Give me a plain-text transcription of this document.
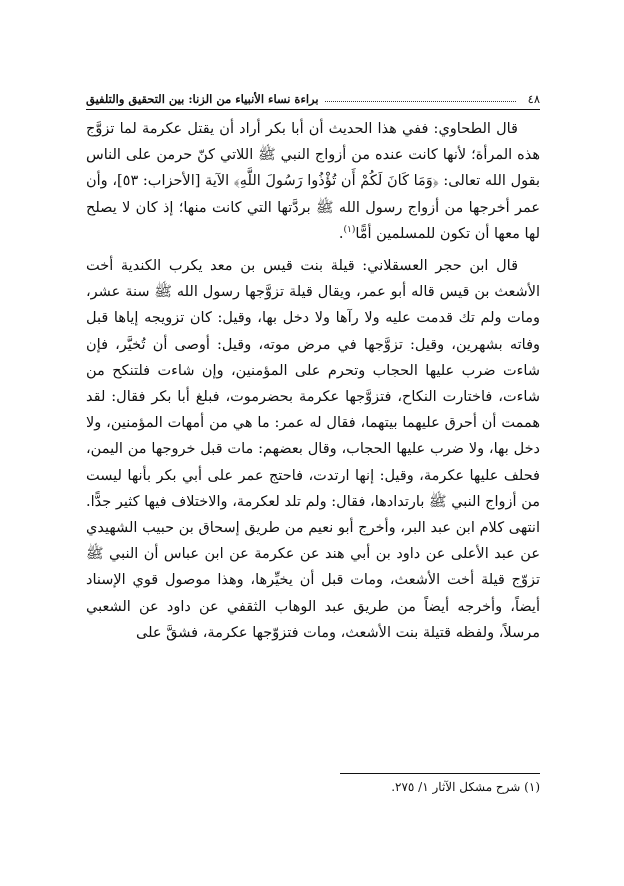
٤٨
براءة نساء الأنبياء من الزنا: بين التحقيق والتلفيق

قال الطحاوي: ففي هذا الحديث أن أبا بكر أراد أن يقتل عكرمة لما تزوَّج هذه المرأة؛ لأنها كانت عنده من أزواج النبي ﷺ اللاتي كنّ حرمن على الناس بقول الله تعالى: ﴿وَمَا كَانَ لَكُمْ أَن تُؤْذُوا رَسُولَ اللَّهِ﴾ الآية [الأحزاب: ٥٣]، وأن عمر أخرجها من أزواج رسول الله ﷺ بردَّتها التي كانت منها؛ إذ كان لا يصلح لها معها أن تكون للمسلمين أمًّا$^{(١)}$.

قال ابن حجر العسقلاني: قيلة بنت قيس بن معد يكرب الكندية أخت الأشعث بن قيس قاله أبو عمر، ويقال قيلة تزوَّجها رسول الله ﷺ سنة عشر، ومات ولم تك قدمت عليه ولا رآها ولا دخل بها، وقيل: كان تزويجه إياها قبل وفاته بشهرين، وقيل: تزوَّجها في مرض موته، وقيل: أوصى أن تُخيَّر، فإن شاءت ضرب عليها الحجاب وتحرم على المؤمنين، وإن شاءت فلتنكح من شاءت، فاختارت النكاح، فتزوَّجها عكرمة بحضرموت، فبلغ أبا بكر فقال: لقد هممت أن أحرق عليهما بيتهما، فقال له عمر: ما هي من أمهات المؤمنين، ولا دخل بها، ولا ضرب عليها الحجاب، وقال بعضهم: مات قبل خروجها من اليمن، فحلف عليها عكرمة، وقيل: إنها ارتدت، فاحتج عمر على أبي بكر بأنها ليست من أزواج النبي ﷺ بارتدادها، فقال: ولم تلد لعكرمة، والاختلاف فيها كثير جدًّا. انتهى كلام ابن عبد البر، وأخرج أبو نعيم من طريق إسحاق بن حبيب الشهيدي عن عبد الأعلى عن داود بن أبي هند عن عكرمة عن ابن عباس أن النبي ﷺ تزوّج قيلة أخت الأشعث، ومات قبل أن يخيِّرها، وهذا موصول قوي الإسناد أيضاً، وأخرجه أيضاً من طريق عبد الوهاب الثقفي عن داود عن الشعبي مرسلاً، ولفظه قتيلة بنت الأشعث، ومات فتزوّجها عكرمة، فشقَّ على

(١) شرح مشكل الآثار ١/ ٢٧٥.
